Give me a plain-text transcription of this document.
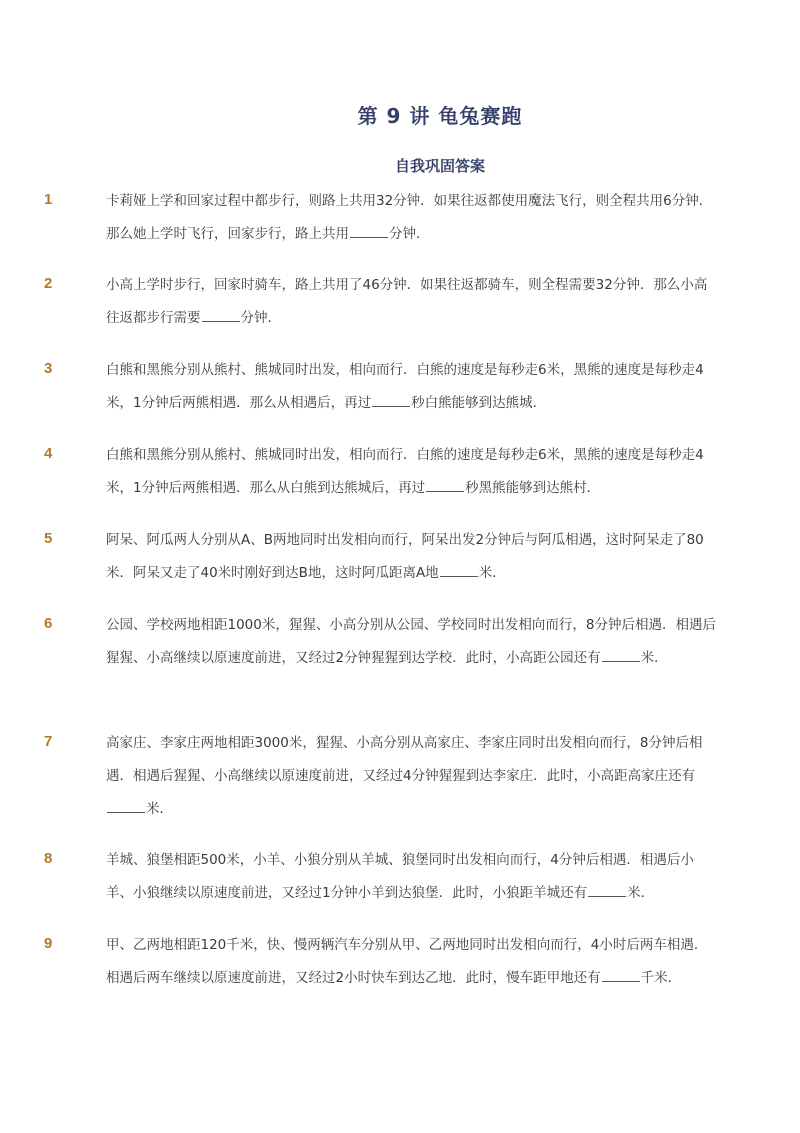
第 9 讲 龟兔赛跑
自我巩固答案
1	卡莉娅上学和回家过程中都步行，则路上共用32分钟．如果往返都使用魔法飞行，则全程共用6分钟．那么她上学时飞行，回家步行，路上共用	分钟．
2	小高上学时步行，回家时骑车，路上共用了46分钟．如果往返都骑车，则全程需要32分钟．那么小高往返都步行需要	分钟．
3	白熊和黑熊分别从熊村、熊城同时出发，相向而行．白熊的速度是每秒走6米，黑熊的速度是每秒走4米，1分钟后两熊相遇．那么从相遇后，再过	秒白熊能够到达熊城．
4	白熊和黑熊分别从熊村、熊城同时出发，相向而行．白熊的速度是每秒走6米，黑熊的速度是每秒走4米，1分钟后两熊相遇．那么从白熊到达熊城后，再过	秒黑熊能够到达熊村．
5	阿呆、阿瓜两人分别从A、B两地同时出发相向而行，阿呆出发2分钟后与阿瓜相遇，这时阿呆走了80米．阿呆又走了40米时刚好到达B地，这时阿瓜距离A地	米．
6	公园、学校两地相距1000米，猩猩、小高分别从公园、学校同时出发相向而行，8分钟后相遇．相遇后猩猩、小高继续以原速度前进，又经过2分钟猩猩到达学校．此时，小高距公园还有	米．
7	高家庄、李家庄两地相距3000米，猩猩、小高分别从高家庄、李家庄同时出发相向而行，8分钟后相遇．相遇后猩猩、小高继续以原速度前进，又经过4分钟猩猩到达李家庄．此时，小高距高家庄还有米．
8	羊城、狼堡相距500米，小羊、小狼分别从羊城、狼堡同时出发相向而行，4分钟后相遇．相遇后小羊、小狼继续以原速度前进，又经过1分钟小羊到达狼堡．此时，小狼距羊城还有	米．
9	甲、乙两地相距120千米，快、慢两辆汽车分别从甲、乙两地同时出发相向而行，4小时后两车相遇．相遇后两车继续以原速度前进，又经过2小时快车到达乙地．此时，慢车距甲地还有	千米．
